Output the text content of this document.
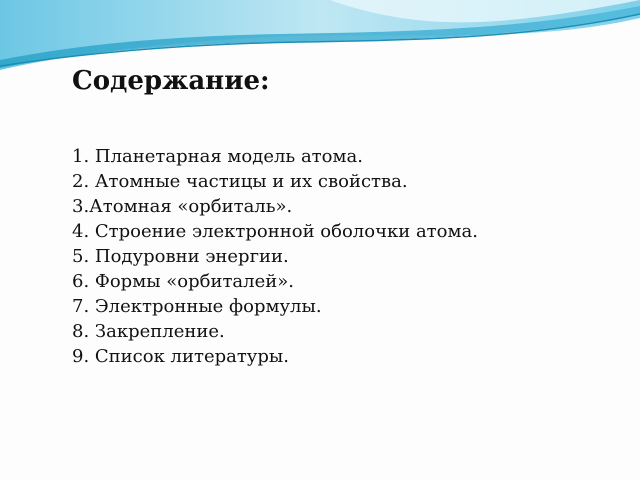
Содержание:
1. Планетарная модель атома.
2. Атомные частицы и их свойства.
3.Атомная «орбиталь».
4. Строение электронной оболочки атома.
5. Подуровни энергии.
6. Формы «орбиталей».
7. Электронные формулы.
8. Закрепление.
9. Список литературы.
